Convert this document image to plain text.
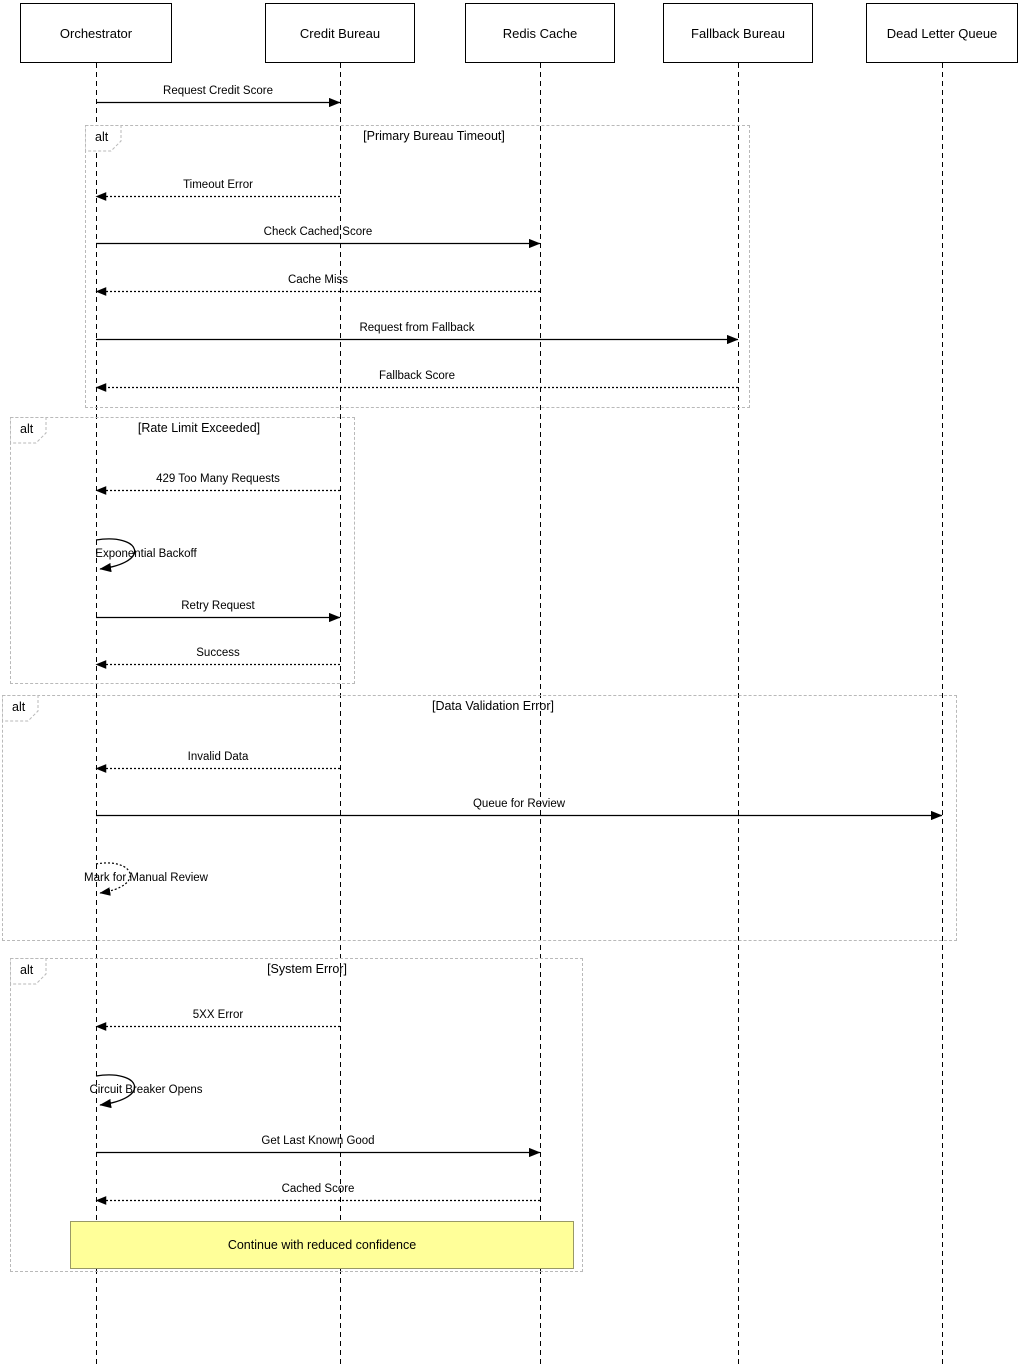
Orchestrator	Credit Bureau	Redis Cache	Fallback Bureau	Dead Letter Queue
alt	[Primary Bureau Timeout]
alt	[Rate Limit Exceeded]
alt	[Data Validation Error]
alt	[System Error]
Request Credit Score
Timeout Error
Check Cached Score
Cache Miss
Request from Fallback
Fallback Score
429 Too Many Requests
Exponential Backoff
Retry Request
Success
Invalid Data
Queue for Review
Mark for Manual Review
5XX Error
Circuit Breaker Opens
Get Last Known Good
Cached Score
Continue with reduced confidence
